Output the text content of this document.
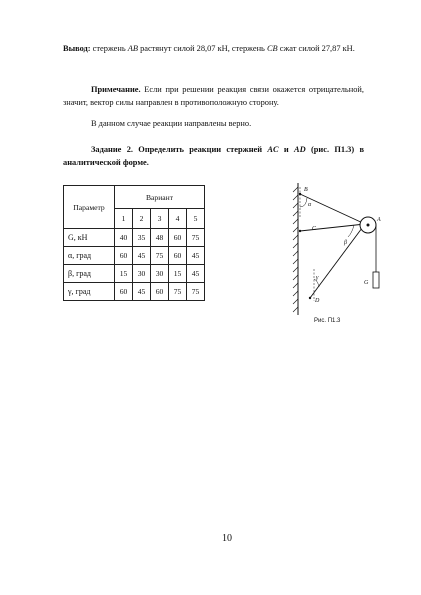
Вывод: стержень AB растянут силой 28,07 кН, стержень CB сжат силой 27,87 кН.
Примечание. Если при решении реакция связи окажется отрицательной, значит, вектор силы направлен в противоположную сторону.
В данном случае реакции направлены верно.
Задание 2. Определить реакции стержней AC и AD (рис. П1.3) в аналитической форме.
Параметр	Вариант				
	1	2	3	4	5
G, кН	40	35	48	60	75
α, град	60	45	75	60	45
β, град	15	30	30	15	45
γ, град	60	45	60	75	75
B
C
D
A
G
α
β
γ
Рис. П1.3
10
